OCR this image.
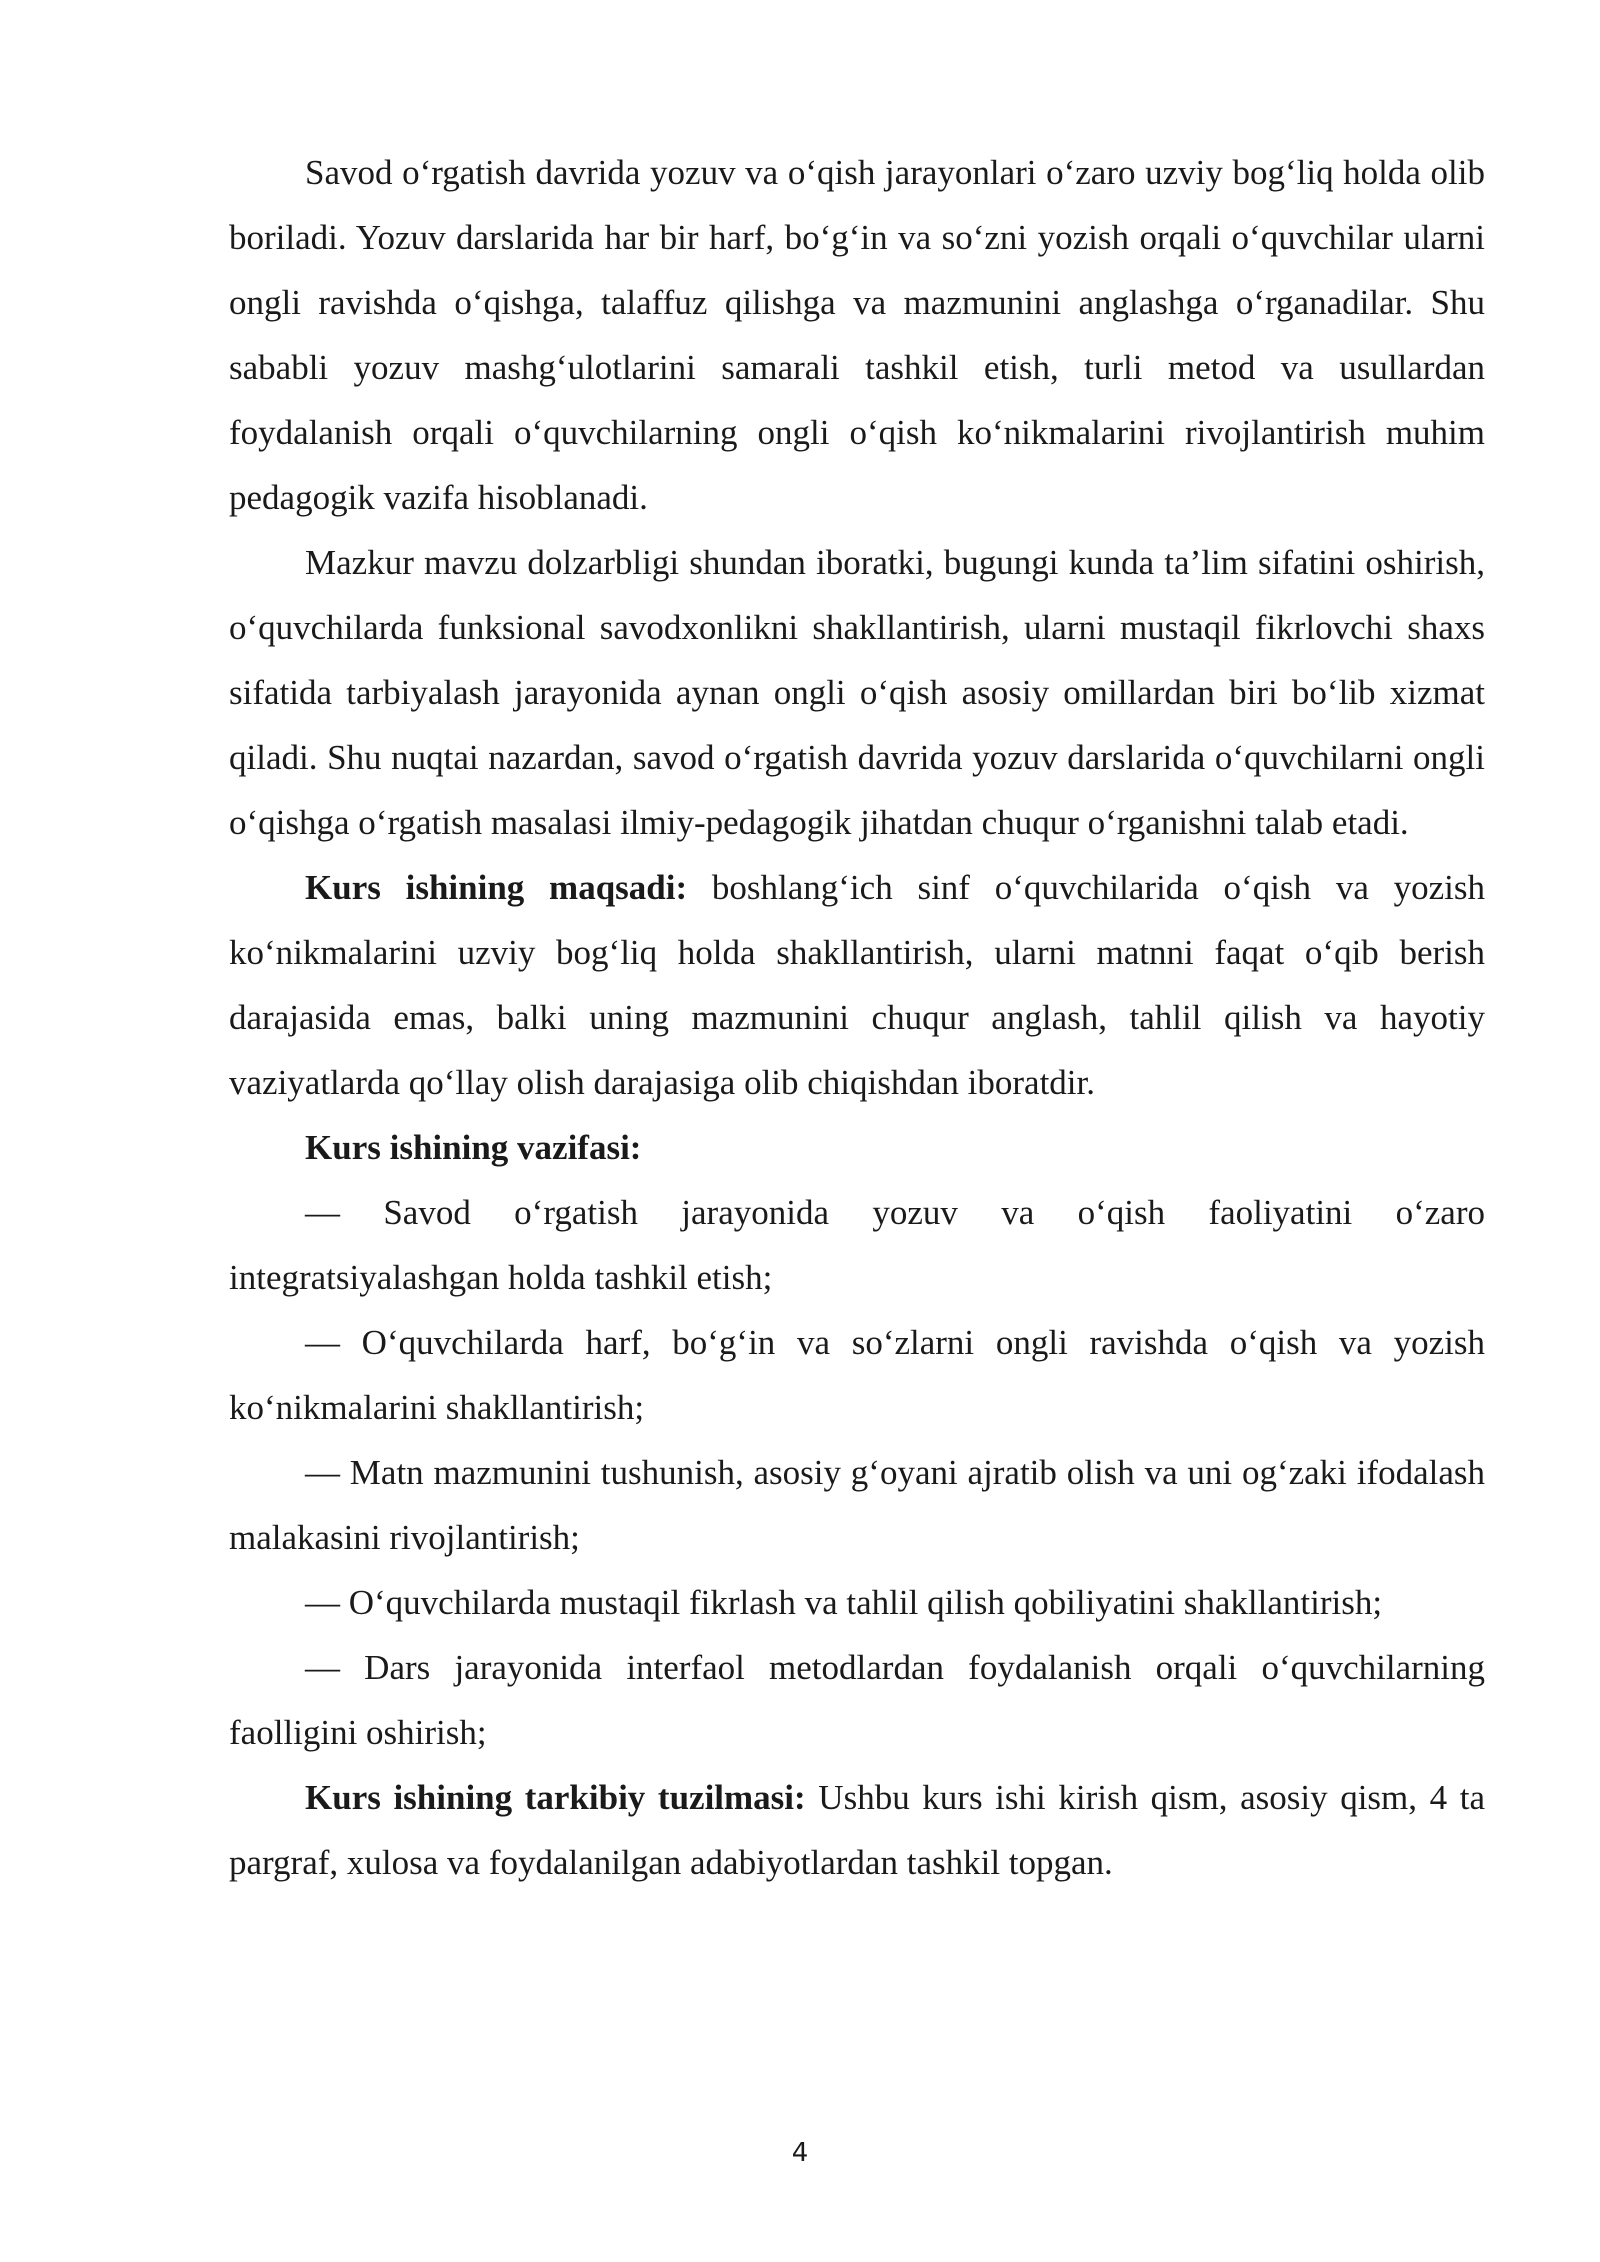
Savod o‘rgatish davrida yozuv va o‘qish jarayonlari o‘zaro uzviy bog‘liq holda olib boriladi. Yozuv darslarida har bir harf, bo‘g‘in va so‘zni yozish orqali o‘quvchilar ularni ongli ravishda o‘qishga, talaffuz qilishga va mazmunini anglashga o‘rganadilar. Shu sababli yozuv mashg‘ulotlarini samarali tashkil etish, turli metod va usullardan foydalanish orqali o‘quvchilarning ongli o‘qish ko‘nikmalarini rivojlantirish muhim pedagogik vazifa hisoblanadi.

Mazkur mavzu dolzarbligi shundan iboratki, bugungi kunda ta’lim sifatini oshirish, o‘quvchilarda funksional savodxonlikni shakllantirish, ularni mustaqil fikrlovchi shaxs sifatida tarbiyalash jarayonida aynan ongli o‘qish asosiy omillardan biri bo‘lib xizmat qiladi. Shu nuqtai nazardan, savod o‘rgatish davrida yozuv darslarida o‘quvchilarni ongli o‘qishga o‘rgatish masalasi ilmiy-pedagogik jihatdan chuqur o‘rganishni talab etadi.

Kurs ishining maqsadi: boshlang‘ich sinf o‘quvchilarida o‘qish va yozish ko‘nikmalarini uzviy bog‘liq holda shakllantirish, ularni matnni faqat o‘qib berish darajasida emas, balki uning mazmunini chuqur anglash, tahlil qilish va hayotiy vaziyatlarda qo‘llay olish darajasiga olib chiqishdan iboratdir.

Kurs ishining vazifasi:

— Savod o‘rgatish jarayonida yozuv va o‘qish faoliyatini o‘zaro integratsiyalashgan holda tashkil etish;

— O‘quvchilarda harf, bo‘g‘in va so‘zlarni ongli ravishda o‘qish va yozish ko‘nikmalarini shakllantirish;

— Matn mazmunini tushunish, asosiy g‘oyani ajratib olish va uni og‘zaki ifodalash malakasini rivojlantirish;

— O‘quvchilarda mustaqil fikrlash va tahlil qilish qobiliyatini shakllantirish;

— Dars jarayonida interfaol metodlardan foydalanish orqali o‘quvchilarning faolligini oshirish;

Kurs ishining tarkibiy tuzilmasi: Ushbu kurs ishi kirish qism, asosiy qism, 4 ta pargraf, xulosa va foydalanilgan adabiyotlardan tashkil topgan.

4
